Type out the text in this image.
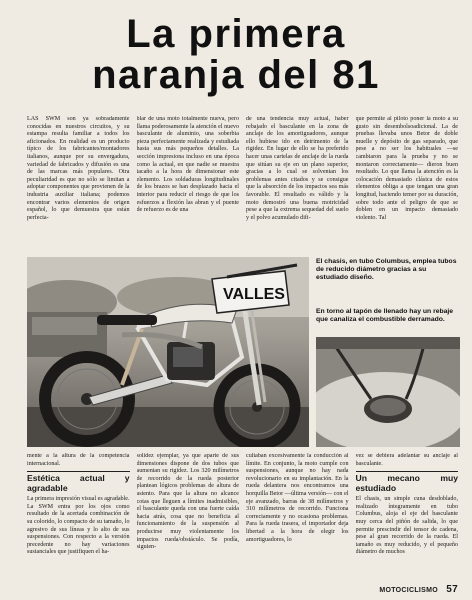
La primera
naranja del 81
LAS SWM son ya sobradamente conocidas en nuestros circuitos, y su estampa resulta familiar a todos los aficionados. En realidad es un producto típico de los fabricantes/montadores italianos, aunque por su envergadura, variedad de fabricados y difusión es una de las marcas más populares. Otra peculiaridad es que no sólo se limitan a adoptar componentes que provienen de la industria auxiliar italiana; podemos encontrar varios elementos de origen español, lo que demuestra que están perfecta-
blar de una moto totalmente nueva, pero llama poderosamente la atención el nuevo basculante de aluminio, una soberbia pieza perfectamente realizada y estudiada hasta sus más pequeños detalles. La sección impresiona incluso en una época como la actual, en que nadie se muestra tacaño a la hora de dimensionar este elemento. Los soldaduras longitudinales de los brazos se han desplazado hacia el interior para reducir el riesgo de que los esfuerzos a flexión las abran y el puente de refuerzo es de una
de una tendencia muy actual, haber rebajado el basculante en la zona de anclaje de los amortiguadores, aunque ello hubiese ido en detrimento de la rigidez. En lugar de ello se ha preferido hacer unas cartelas de anclaje de la rueda que sitúan su eje en un plano superior, gracias a lo cual se solventan los problemas antes citados y se consigue que la absorción de los impactos sea más favorable. El resultado es válido y la moto demostró una buena motricidad pese a que la extrema sequedad del suelo y el polvo acumulado difi-
que permite al piloto poner la moto a su gusto sin desembolsoadicional. La de pruebas llevaba unos Betor de doble muelle y depósito de gas separado, que pese a no ser los habituales —se cambiaron para la prueba y no se montaron correctamente— dieron buen resultado. Lo que llama la atención es la colocación demasiado clásica de estos elementos obliga a que tengan una gran longitud, haciendo temer por su duración, sobre todo ante el peligro de que se doblen en un impacto demasiado violento. Tal
VALLES
El chasis, en tubo Columbus, emplea tubos de reducido diámetro gracias a su estudiado diseño.
En torno al tapón de llenado hay un rebaje que canaliza el combustible derramado.

mente a la altura de la competencia internacional.

Estética actual y agradable

La primera impresión visual es agradable. La SWM entra por los ojos como resultado de la acertada combinación de su colorido, lo compacto de su tamaño, lo agresivo de sus líneas y lo alto de sus suspensiones. Con respecto a la versión precedente no hay variaciones sustanciales que justifiquen el ha-

solidez ejemplar, ya que aparte de sus dimensiones dispone de dos tubos que aumentan su rigidez. Los 320 milímetros de recorrido de la rueda posterior plantean lógicos problemas de altura de asiento. Para que la altura no alcance cotas que lleguen a límites inadmisibles, el basculante queda con una fuerte caída hacia atrás, cosa que no beneficia al funcionamiento de la suspensión al producirse muy violentamente los impactos rueda/obstáculo. Se podía, siguien-

cultaban excesivamente la conducción al límite. En conjunto, la moto cumple con suspensiones, aunque no hay nada revolucionario en su implantación. En la rueda delantera nos encontramos una horquilla Betor —última versión— con el eje avanzado, barras de 38 milímetros y 310 milímetros de recorrido. Funciona correctamente y no ocasiona problemas. Para la rueda trasera, el importador deja libertad a la hora de elegir los amortiguadores, lo

vez se debiera adelantar su anclaje al basculante.

Un mecano muy estudiado

El chasis, un simple cuna desdoblado, realizado íntegramente en tubo Columbus, aloja el eje del basculante muy cerca del piñón de salida, lo que permite prescindir del tensor de cadena, pese al gran recorrido de la rueda. El tamaño es muy reducido, y el pequeño diámetro de muchos

MOTOCICLISMO 57
